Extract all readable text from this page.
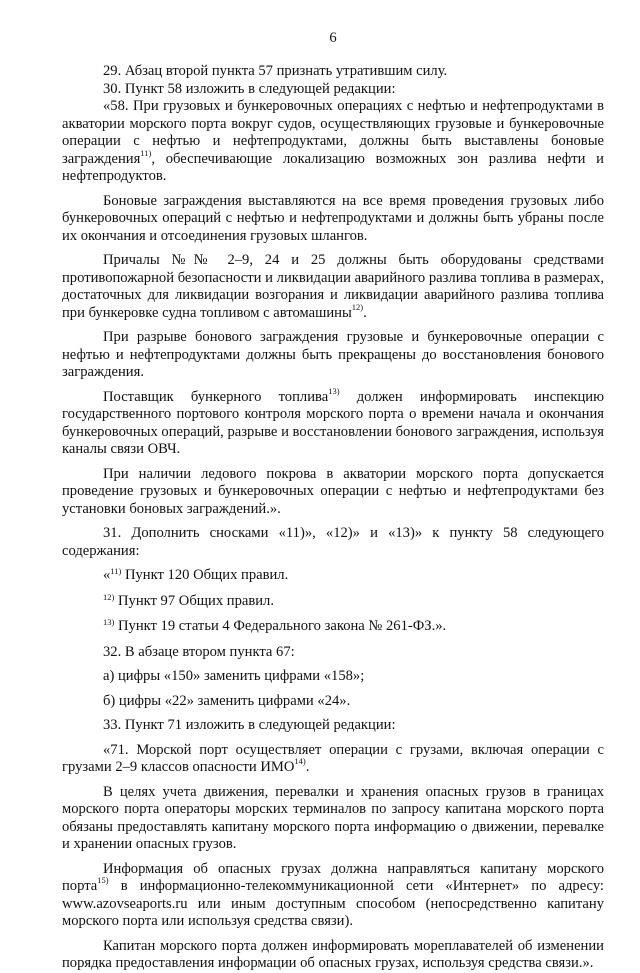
6

29. Абзац второй пункта 57 признать утратившим силу.

30. Пункт 58 изложить в следующей редакции:

«58. При грузовых и бункеровочных операциях с нефтью и нефтепродуктами в акватории морского порта вокруг судов, осуществляющих грузовые и бункеровочные операции с нефтью и нефтепродуктами, должны быть выставлены боновые заграждения$^{11)}$, обеспечивающие локализацию возможных зон разлива нефти и нефтепродуктов.

Боновые заграждения выставляются на все время проведения грузовых либо бункеровочных операций с нефтью и нефтепродуктами и должны быть убраны после их окончания и отсоединения грузовых шлангов.

Причалы №№ 2–9, 24 и 25 должны быть оборудованы средствами противопожарной безопасности и ликвидации аварийного разлива топлива в размерах, достаточных для ликвидации возгорания и ликвидации аварийного разлива топлива при бункеровке судна топливом с автомашины$^{12)}$.

При разрыве бонового заграждения грузовые и бункеровочные операции с нефтью и нефтепродуктами должны быть прекращены до восстановления бонового заграждения.

Поставщик бункерного топлива$^{13)}$ должен информировать инспекцию государственного портового контроля морского порта о времени начала и окончания бункеровочных операций, разрыве и восстановлении бонового заграждения, используя каналы связи ОВЧ.

При наличии ледового покрова в акватории морского порта допускается проведение грузовых и бункеровочных операции с нефтью и нефтепродуктами без установки боновых заграждений.».

31. Дополнить сносками «11)», «12)» и «13)» к пункту 58 следующего содержания:

«$^{11)}$ Пункт 120 Общих правил.

$^{12)}$ Пункт 97 Общих правил.

$^{13)}$ Пункт 19 статьи 4 Федерального закона № 261-ФЗ.».

32. В абзаце втором пункта 67:

а) цифры «150» заменить цифрами «158»;

б) цифры «22» заменить цифрами «24».

33. Пункт 71 изложить в следующей редакции:

«71. Морской порт осуществляет операции с грузами, включая операции с грузами 2–9 классов опасности ИМО$^{14)}$.

В целях учета движения, перевалки и хранения опасных грузов в границах морского порта операторы морских терминалов по запросу капитана морского порта обязаны предоставлять капитану морского порта информацию о движении, перевалке и хранении опасных грузов.

Информация об опасных грузах должна направляться капитану морского порта$^{15)}$ в информационно-телекоммуникационной сети «Интернет» по адресу: www.azovseaports.ru или иным доступным способом (непосредственно капитану морского порта или используя средства связи).

Капитан морского порта должен информировать мореплавателей об изменении порядка предоставления информации об опасных грузах, используя средства связи.».
